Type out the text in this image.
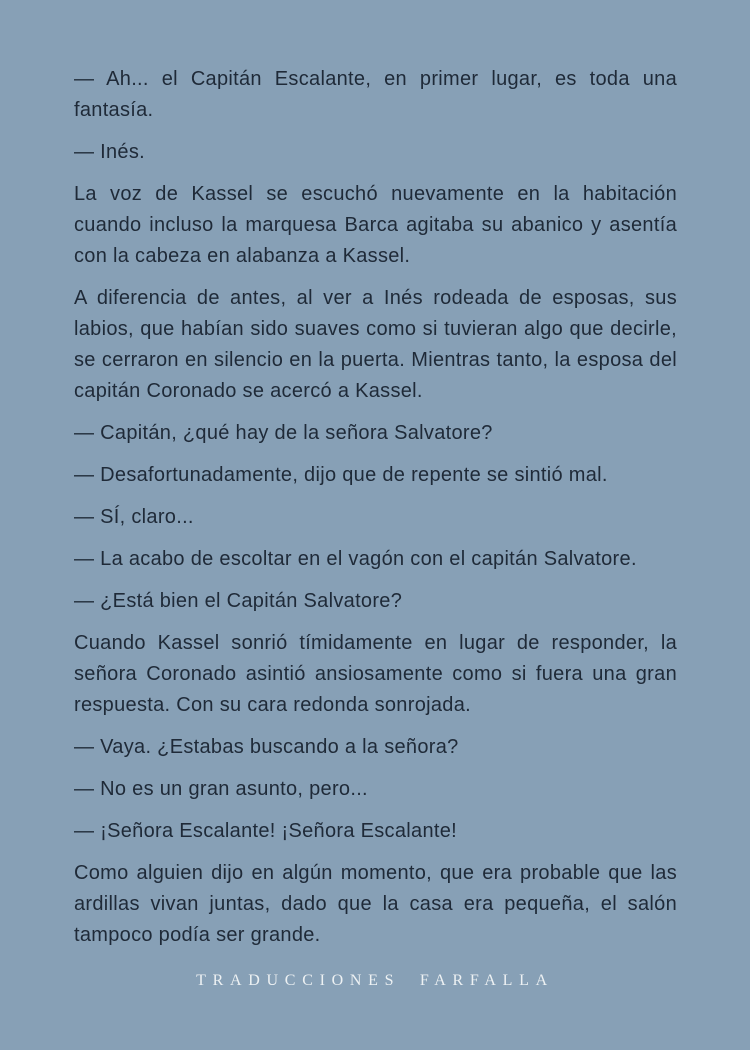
— Ah... el Capitán Escalante, en primer lugar, es toda una fantasía.

— Inés.

La voz de Kassel se escuchó nuevamente en la habitación cuando incluso la marquesa Barca agitaba su abanico y asentía con la cabeza en alabanza a Kassel.

A diferencia de antes, al ver a Inés rodeada de esposas, sus labios, que habían sido suaves como si tuvieran algo que decirle, se cerraron en silencio en la puerta. Mientras tanto, la esposa del capitán Coronado se acercó a Kassel.

— Capitán, ¿qué hay de la señora Salvatore?

— Desafortunadamente, dijo que de repente se sintió mal.

— SÍ, claro...

— La acabo de escoltar en el vagón con el capitán Salvatore.

— ¿Está bien el Capitán Salvatore?

Cuando Kassel sonrió tímidamente en lugar de responder, la señora Coronado asintió ansiosamente como si fuera una gran respuesta. Con su cara redonda sonrojada.

— Vaya. ¿Estabas buscando a la señora?

— No es un gran asunto, pero...

— ¡Señora Escalante! ¡Señora Escalante!

Como alguien dijo en algún momento, que era probable que las ardillas vivan juntas, dado que la casa era pequeña, el salón tampoco podía ser grande.

TRADUCCIONES FARFALLA
